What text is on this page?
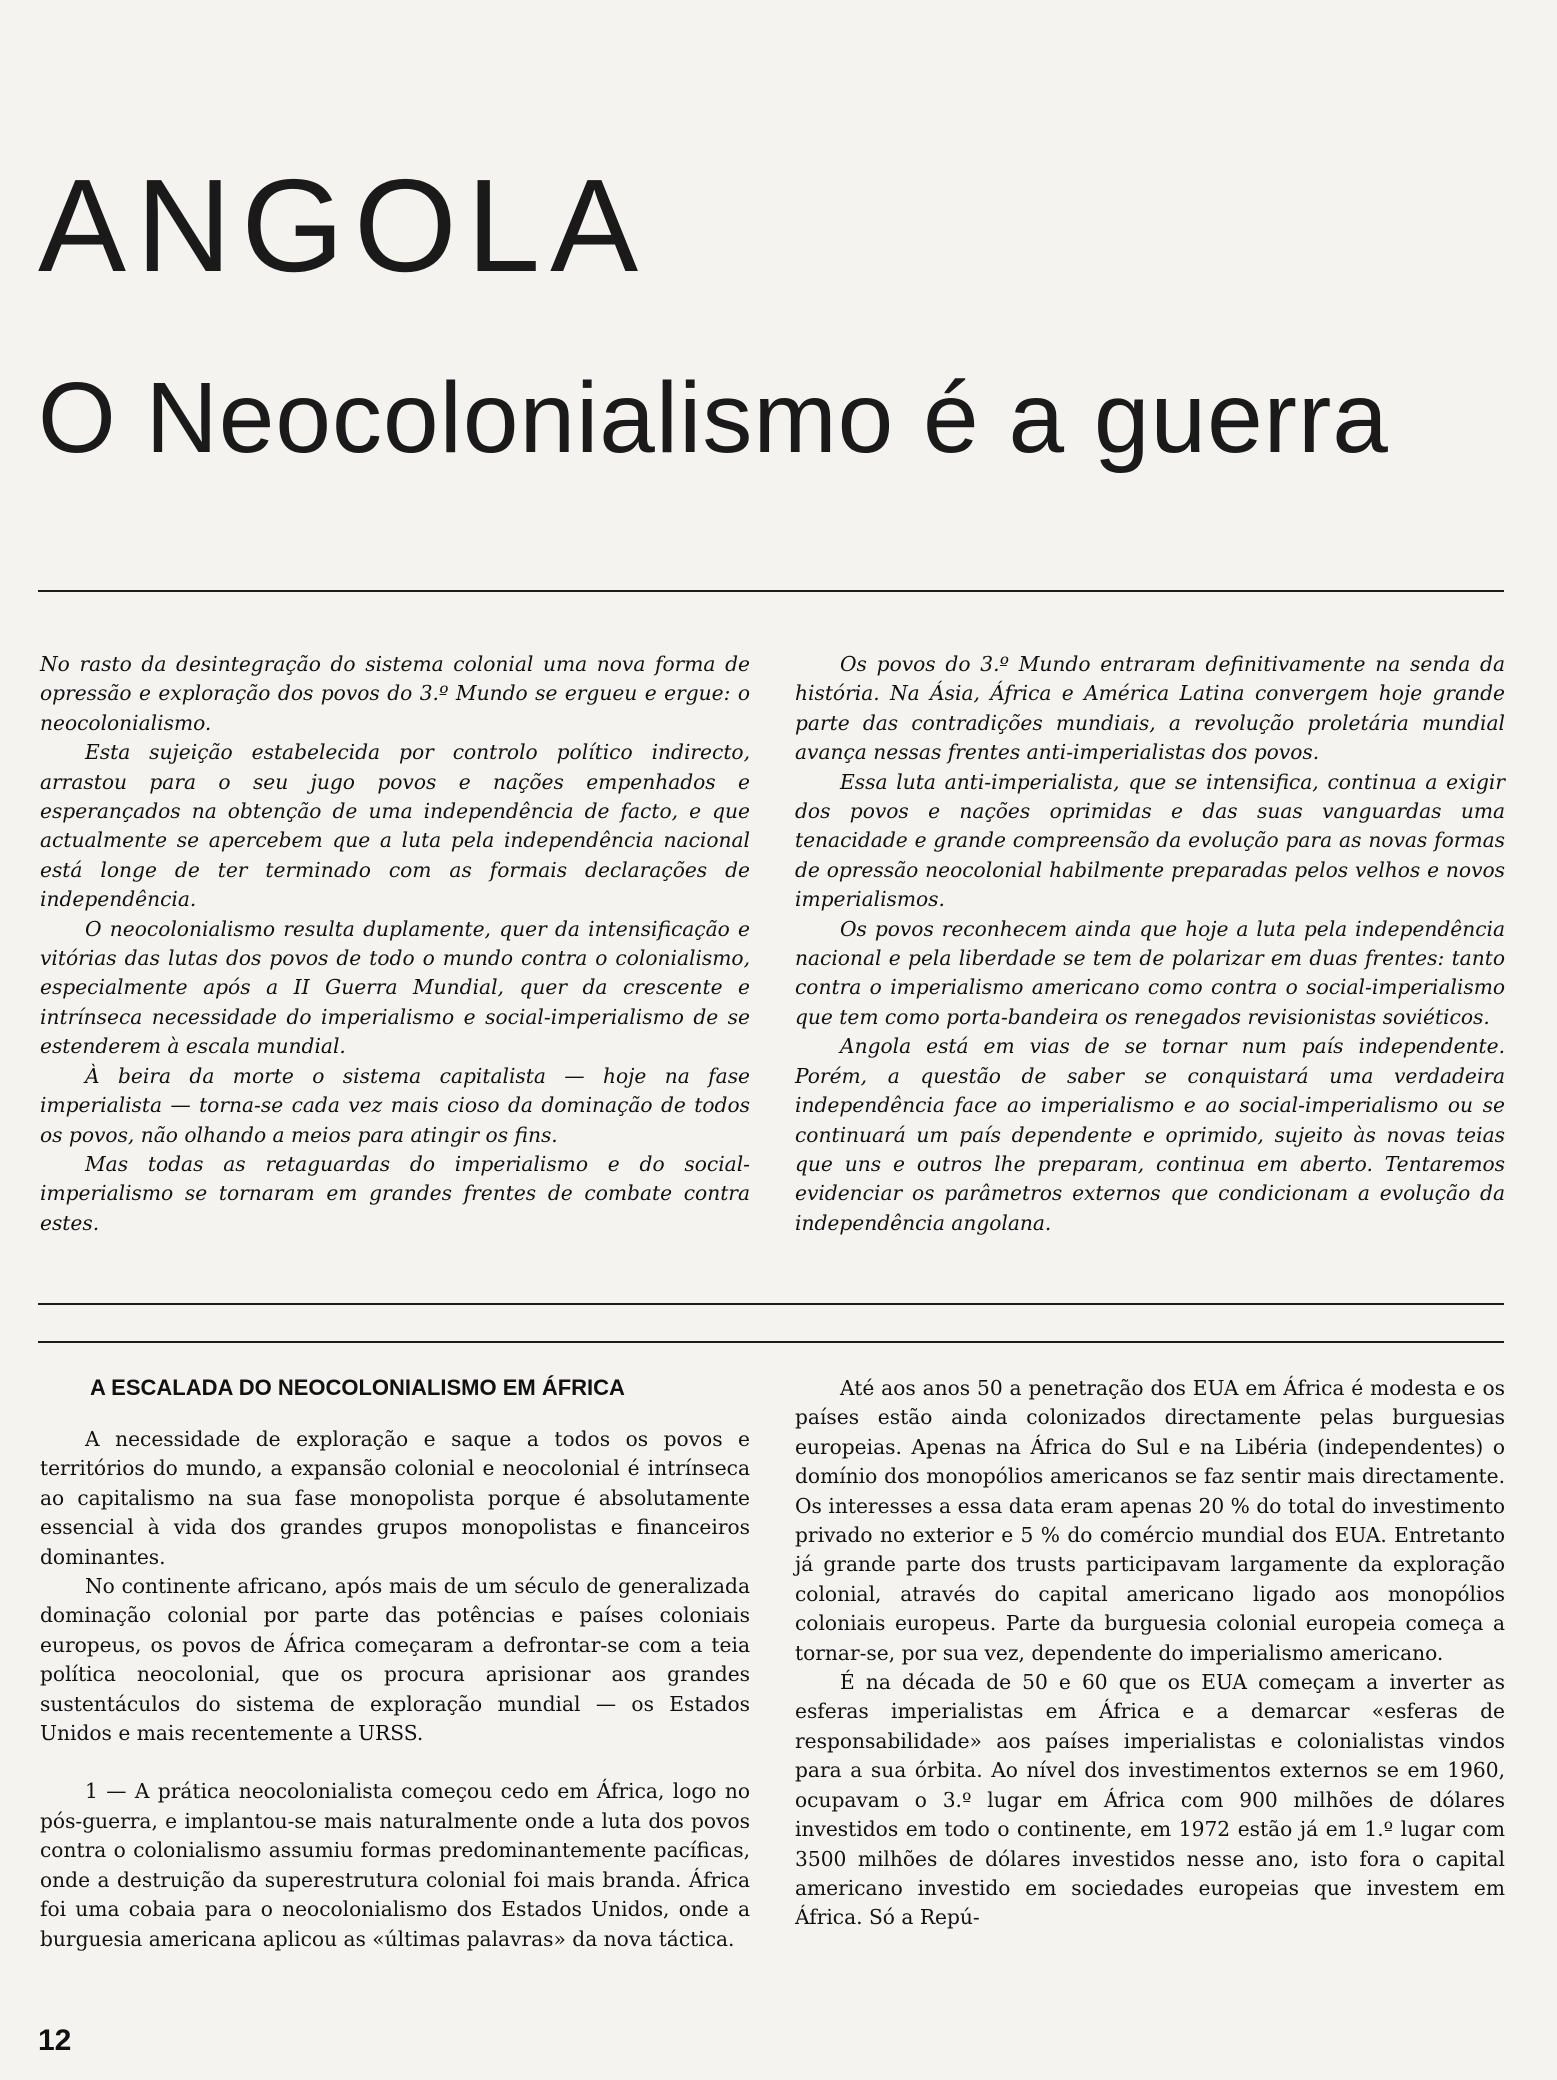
ANGOLA
O Neocolonialismo é a guerra

No rasto da desintegração do sistema colonial uma nova forma de opressão e exploração dos povos do 3.º Mundo se ergueu e ergue: o neocolonialismo.

Esta sujeição estabelecida por controlo político indirecto, arrastou para o seu jugo povos e nações empenhados e esperançados na obtenção de uma independência de facto, e que actualmente se apercebem que a luta pela independência nacional está longe de ter terminado com as formais declarações de independência.

O neocolonialismo resulta duplamente, quer da intensificação e vitórias das lutas dos povos de todo o mundo contra o colonialismo, especialmente após a II Guerra Mundial, quer da crescente e intrínseca necessidade do imperialismo e social-imperialismo de se estenderem à escala mundial.

À beira da morte o sistema capitalista — hoje na fase imperialista — torna-se cada vez mais cioso da dominação de todos os povos, não olhando a meios para atingir os fins.

Mas todas as retaguardas do imperialismo e do social-imperialismo se tornaram em grandes frentes de combate contra estes.

Os povos do 3.º Mundo entraram definitivamente na senda da história. Na Ásia, África e América Latina convergem hoje grande parte das contradições mundiais, a revolução proletária mundial avança nessas frentes anti-imperialistas dos povos.

Essa luta anti-imperialista, que se intensifica, continua a exigir dos povos e nações oprimidas e das suas vanguardas uma tenacidade e grande compreensão da evolução para as novas formas de opressão neocolonial habilmente preparadas pelos velhos e novos imperialismos.

Os povos reconhecem ainda que hoje a luta pela independência nacional e pela liberdade se tem de polarizar em duas frentes: tanto contra o imperialismo americano como contra o social-imperialismo que tem como porta-bandeira os renegados revisionistas soviéticos.

Angola está em vias de se tornar num país independente. Porém, a questão de saber se conquistará uma verdadeira independência face ao imperialismo e ao social-imperialismo ou se continuará um país dependente e oprimido, sujeito às novas teias que uns e outros lhe preparam, continua em aberto. Tentaremos evidenciar os parâmetros externos que condicionam a evolução da independência angolana.

A ESCALADA DO NEOCOLONIALISMO EM ÁFRICA

A necessidade de exploração e saque a todos os povos e territórios do mundo, a expansão colonial e neocolonial é intrínseca ao capitalismo na sua fase monopolista porque é absolutamente essencial à vida dos grandes grupos monopolistas e financeiros dominantes.

No continente africano, após mais de um século de generalizada dominação colonial por parte das potências e países coloniais europeus, os povos de África começaram a defrontar-se com a teia política neocolonial, que os procura aprisionar aos grandes sustentáculos do sistema de exploração mundial — os Estados Unidos e mais recentemente a URSS.

1 — A prática neocolonialista começou cedo em África, logo no pós-guerra, e implantou-se mais naturalmente onde a luta dos povos contra o colonialismo assumiu formas predominantemente pacíficas, onde a destruição da superestrutura colonial foi mais branda. África foi uma cobaia para o neocolonialismo dos Estados Unidos, onde a burguesia americana aplicou as «últimas palavras» da nova táctica.

Até aos anos 50 a penetração dos EUA em África é modesta e os países estão ainda colonizados directamente pelas burguesias europeias. Apenas na África do Sul e na Libéria (independentes) o domínio dos monopólios americanos se faz sentir mais directamente. Os interesses a essa data eram apenas 20 % do total do investimento privado no exterior e 5 % do comércio mundial dos EUA. Entretanto já grande parte dos trusts participavam largamente da exploração colonial, através do capital americano ligado aos monopólios coloniais europeus. Parte da burguesia colonial europeia começa a tornar-se, por sua vez, dependente do imperialismo americano.

É na década de 50 e 60 que os EUA começam a inverter as esferas imperialistas em África e a demarcar «esferas de responsabilidade» aos países imperialistas e colonialistas vindos para a sua órbita. Ao nível dos investimentos externos se em 1960, ocupavam o 3.º lugar em África com 900 milhões de dólares investidos em todo o continente, em 1972 estão já em 1.º lugar com 3500 milhões de dólares investidos nesse ano, isto fora o capital americano investido em sociedades europeias que investem em África. Só a Repú-

12
